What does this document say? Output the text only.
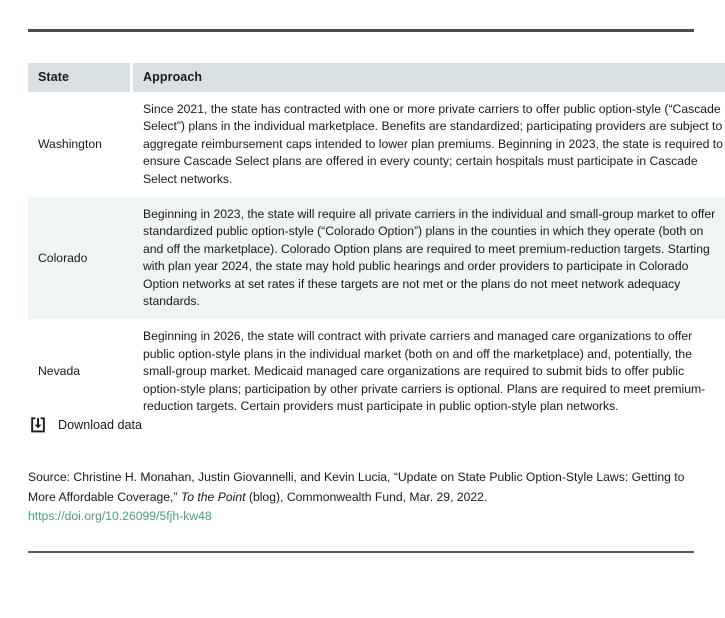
State	Approach
Washington	Since 2021, the state has contracted with one or more private carriers to offer public option-style (“Cascade Select”) plans in the individual marketplace. Benefits are standardized; participating providers are subject to aggregate reimbursement caps intended to lower plan premiums. Beginning in 2023, the state is required to ensure Cascade Select plans are offered in every county; certain hospitals must participate in Cascade Select networks.
Colorado	Beginning in 2023, the state will require all private carriers in the individual and small-group market to offer standardized public option-style (“Colorado Option”) plans in the counties in which they operate (both on and off the marketplace). Colorado Option plans are required to meet premium-reduction targets. Starting with plan year 2024, the state may hold public hearings and order providers to participate in Colorado Option networks at set rates if these targets are not met or the plans do not meet network adequacy standards.
Nevada	Beginning in 2026, the state will contract with private carriers and managed care organizations to offer public option-style plans in the individual market (both on and off the marketplace) and, potentially, the small-group market. Medicaid managed care organizations are required to submit bids to offer public option-style plans; participation by other private carriers is optional. Plans are required to meet premium-reduction targets. Certain providers must participate in public option-style plan networks.
Download data
Source: Christine H. Monahan, Justin Giovannelli, and Kevin Lucia, “Update on State Public Option-Style Laws: Getting to More Affordable Coverage,” To the Point (blog), Commonwealth Fund, Mar. 29, 2022.
https://doi.org/10.26099/5fjh-kw48
